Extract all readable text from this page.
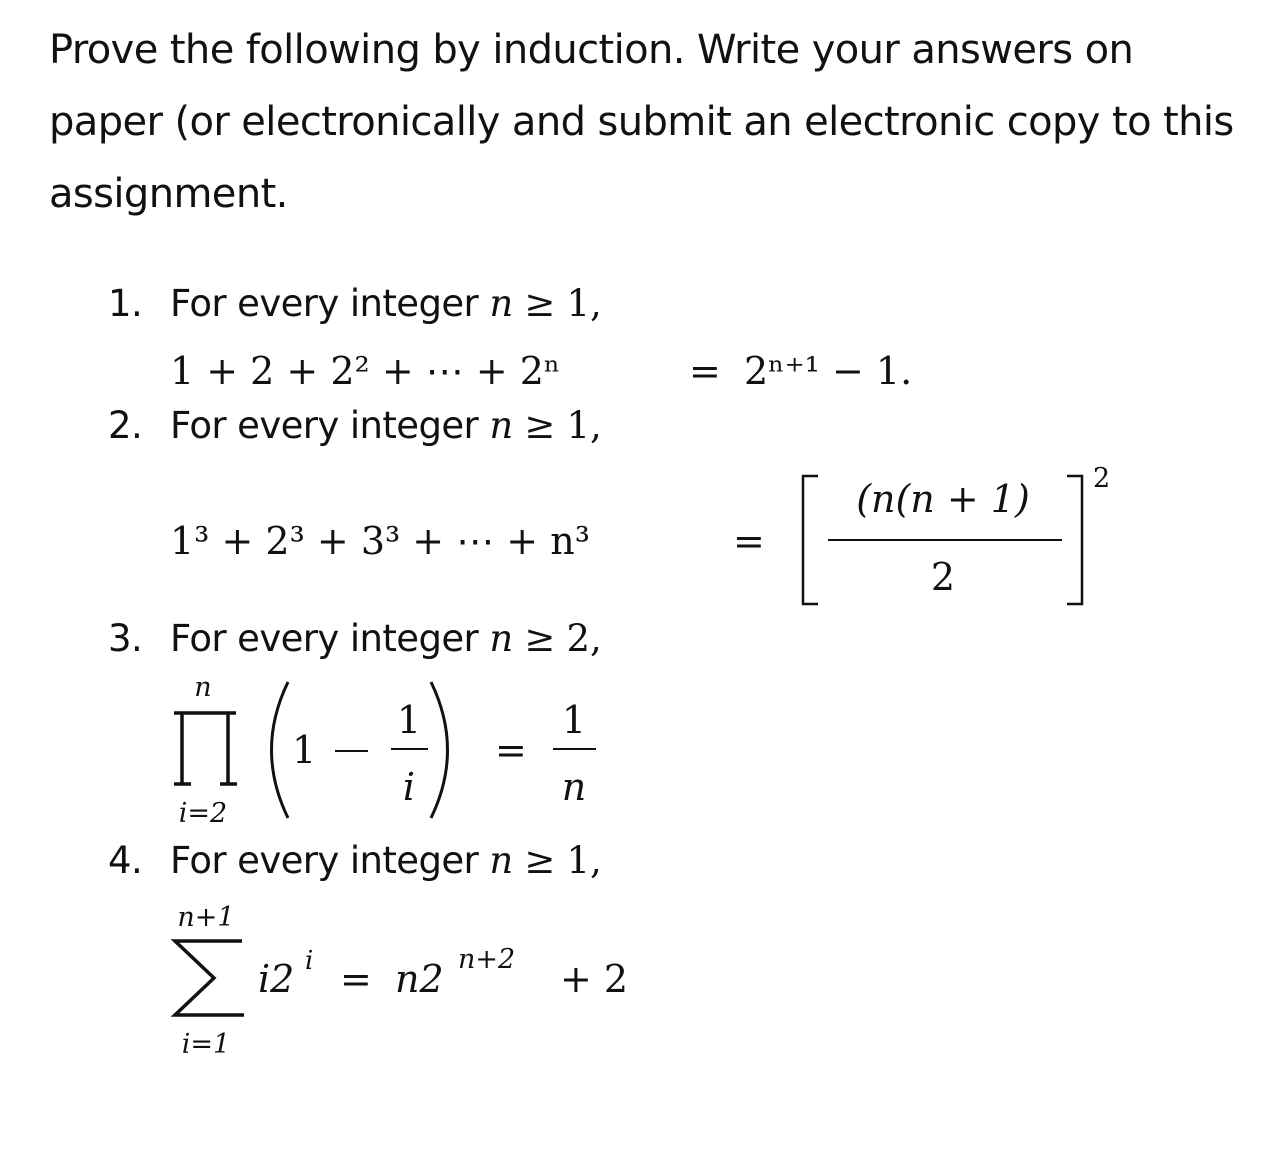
Prove the following by induction. Write your answers on paper (or electronically and submit an electronic copy to this assignment.

1. For every integer n ≥ 1,
2. For every integer n ≥ 1,
3. For every integer n ≥ 2,
4. For every integer n ≥ 1,
1 + 2 + 2² + ⋯ + 2ⁿ	= 2ⁿ⁺¹ − 1.
1³ + 2³ + 3³ + ⋯ + n³	=
(n(n + 1)
2
2
n
i=2
1
1
i
=
1
n
n+1
i=1
i2 i = n2 n+2 + 2
